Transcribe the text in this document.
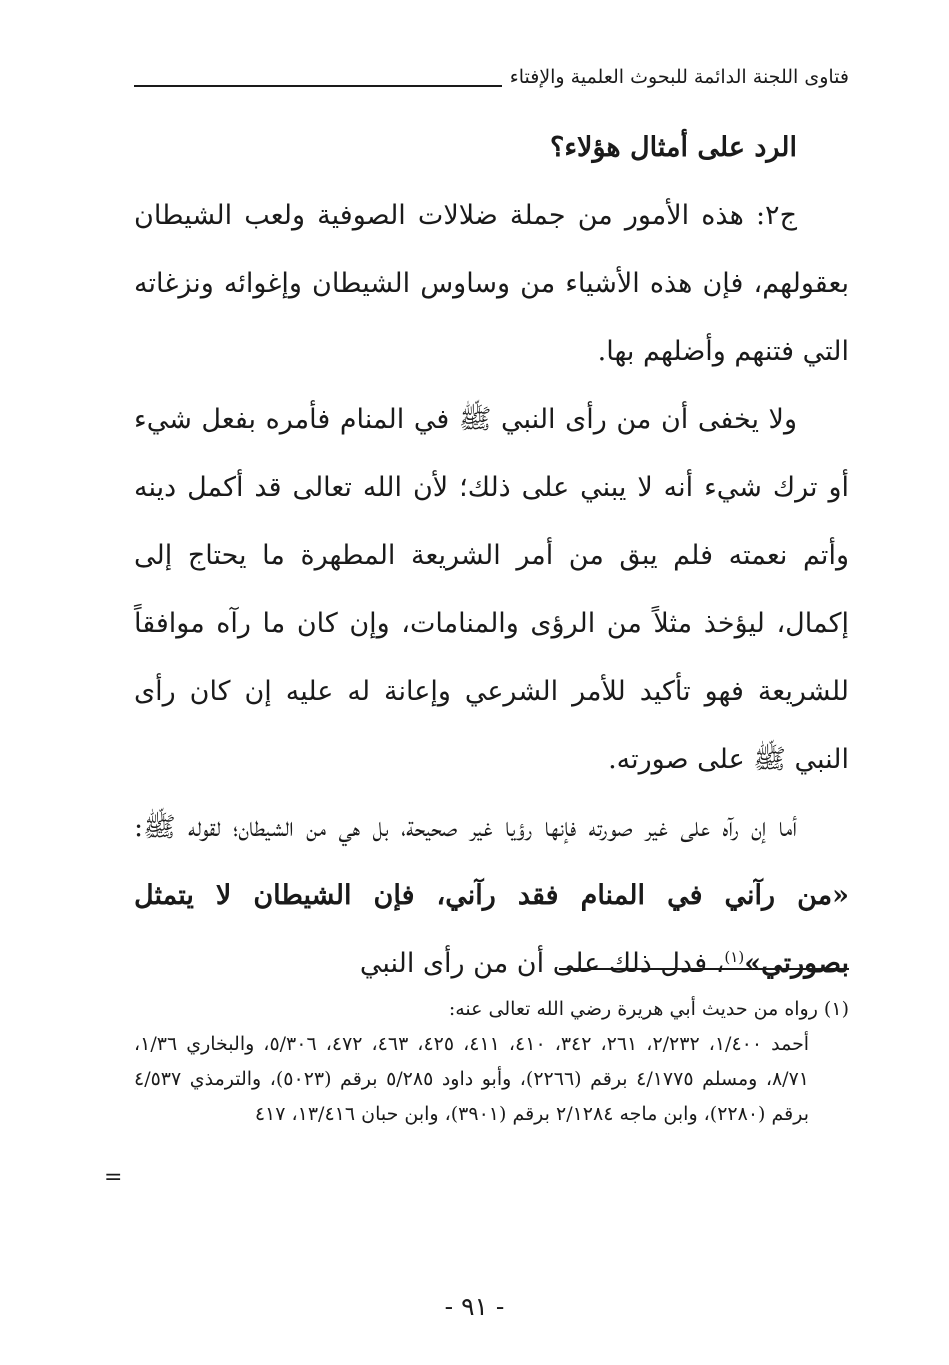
فتاوى اللجنة الدائمة للبحوث العلمية والإفتاء

الرد على أمثال هؤلاء؟

ج٢: هذه الأمور من جملة ضلالات الصوفية ولعب الشيطان بعقولهم، فإن هذه الأشياء من وساوس الشيطان وإغوائه ونزغاته التي فتنهم وأضلهم بها.

ولا يخفى أن من رأى النبي ﷺ في المنام فأمره بفعل شيء أو ترك شيء أنه لا يبني على ذلك؛ لأن الله تعالى قد أكمل دينه وأتم نعمته فلم يبق من أمر الشريعة المطهرة ما يحتاج إلى إكمال، ليؤخذ مثلاً من الرؤى والمنامات، وإن كان ما رآه موافقاً للشريعة فهو تأكيد للأمر الشرعي وإعانة له عليه إن كان رأى النبي ﷺ على صورته.

أما إن رآه على غير صورته فإنها رؤيا غير صحيحة، بل هي من الشيطان؛ لقوله ﷺ: «من رآني في المنام فقد رآني، فإن الشيطان لا يتمثل بصورتي»$^{(١)}$، فدل ذلك على أن من رأى النبي

(١) رواه من حديث أبي هريرة رضي الله تعالى عنه:

أحمد ١/٤٠٠، ٢/٢٣٢، ٢٦١، ٣٤٢، ٤١٠، ٤١١، ٤٢٥، ٤٦٣، ٤٧٢، ٥/٣٠٦، والبخاري ١/٣٦، ٨/٧١، ومسلم ٤/١٧٧٥ برقم (٢٢٦٦)، وأبو داود ٥/٢٨٥ برقم (٥٠٢٣)، والترمذي ٤/٥٣٧ برقم (٢٢٨٠)، وابن ماجه ٢/١٢٨٤ برقم (٣٩٠١)، وابن حبان ١٣/٤١٦، ٤١٧

=
- ٩١ -
